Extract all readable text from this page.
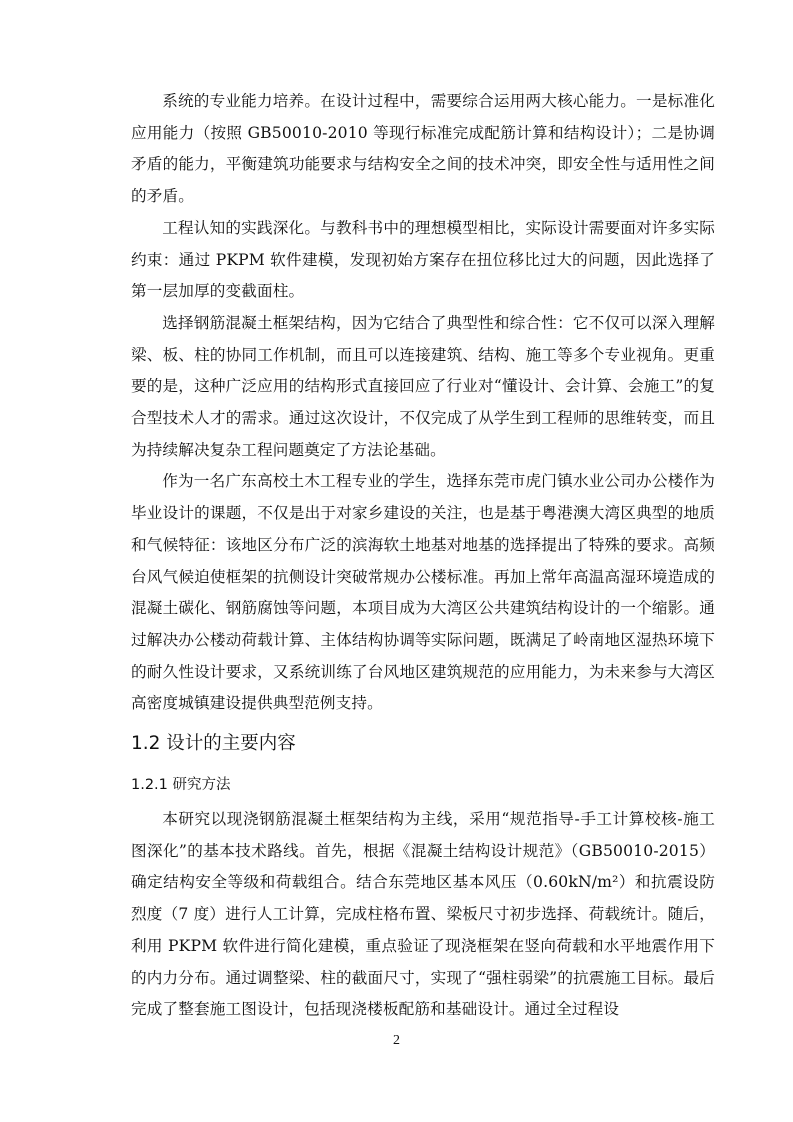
系统的专业能力培养。在设计过程中，需要综合运用两大核心能力。一是标准化应用能力（按照 GB50010-2010 等现行标准完成配筋计算和结构设计）；二是协调矛盾的能力，平衡建筑功能要求与结构安全之间的技术冲突，即安全性与适用性之间的矛盾。

工程认知的实践深化。与教科书中的理想模型相比，实际设计需要面对许多实际约束：通过 PKPM 软件建模，发现初始方案存在扭位移比过大的问题，因此选择了第一层加厚的变截面柱。

选择钢筋混凝土框架结构，因为它结合了典型性和综合性：它不仅可以深入理解梁、板、柱的协同工作机制，而且可以连接建筑、结构、施工等多个专业视角。更重要的是，这种广泛应用的结构形式直接回应了行业对“懂设计、会计算、会施工”的复合型技术人才的需求。通过这次设计，不仅完成了从学生到工程师的思维转变，而且为持续解决复杂工程问题奠定了方法论基础。

作为一名广东高校土木工程专业的学生，选择东莞市虎门镇水业公司办公楼作为毕业设计的课题，不仅是出于对家乡建设的关注，也是基于粤港澳大湾区典型的地质和气候特征：该地区分布广泛的滨海软土地基对地基的选择提出了特殊的要求。高频台风气候迫使框架的抗侧设计突破常规办公楼标准。再加上常年高温高湿环境造成的混凝土碳化、钢筋腐蚀等问题，本项目成为大湾区公共建筑结构设计的一个缩影。通过解决办公楼动荷载计算、主体结构协调等实际问题，既满足了岭南地区湿热环境下的耐久性设计要求，又系统训练了台风地区建筑规范的应用能力，为未来参与大湾区高密度城镇建设提供典型范例支持。

1.2 设计的主要内容
1.2.1 研究方法

本研究以现浇钢筋混凝土框架结构为主线，采用“规范指导-手工计算校核-施工图深化”的基本技术路线。首先，根据《混凝土结构设计规范》（GB50010-2015）确定结构安全等级和荷载组合。结合东莞地区基本风压（0.60kN/m²）和抗震设防烈度（7 度）进行人工计算，完成柱格布置、梁板尺寸初步选择、荷载统计。随后，利用 PKPM 软件进行简化建模，重点验证了现浇框架在竖向荷载和水平地震作用下的内力分布。通过调整梁、柱的截面尺寸，实现了“强柱弱梁”的抗震施工目标。最后完成了整套施工图设计，包括现浇楼板配筋和基础设计。通过全过程设

2
